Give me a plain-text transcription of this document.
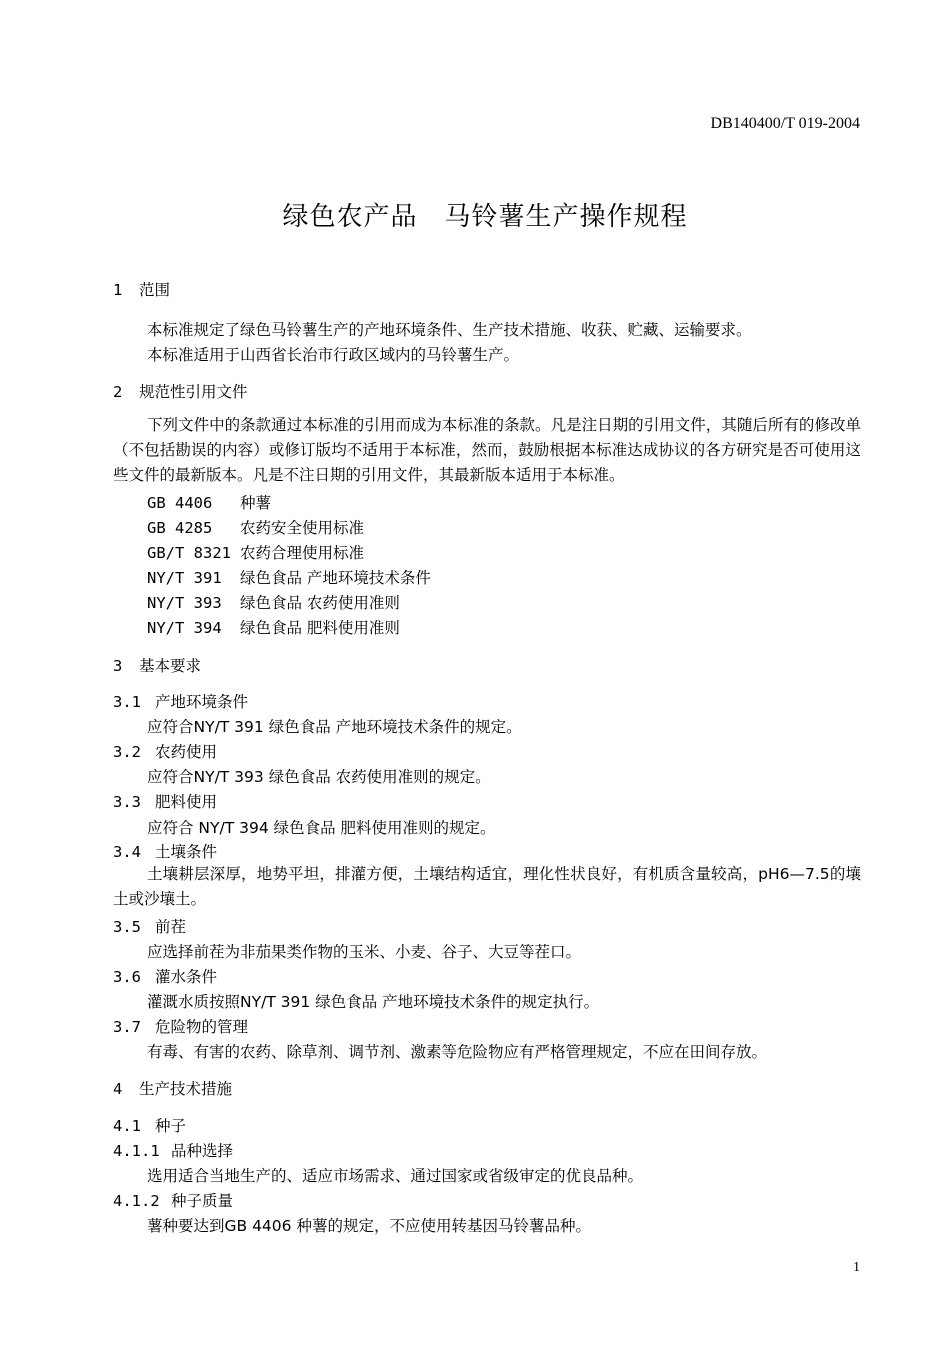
DB140400/T 019-2004
绿色农产品　马铃薯生产操作规程
1 范围
本标准规定了绿色马铃薯生产的产地环境条件、生产技术措施、收获、贮藏、运输要求。
本标准适用于山西省长治市行政区域内的马铃薯生产。
2 规范性引用文件
下列文件中的条款通过本标准的引用而成为本标准的条款。凡是注日期的引用文件，其随后所有的修改单（不包括勘误的内容）或修订版均不适用于本标准，然而，鼓励根据本标准达成协议的各方研究是否可使用这些文件的最新版本。凡是不注日期的引用文件，其最新版本适用于本标准。
GB 4406 种薯
GB 4285 农药安全使用标准
GB/T 8321 农药合理使用标准
NY/T 391 绿色食品 产地环境技术条件
NY/T 393 绿色食品 农药使用准则
NY/T 394 绿色食品 肥料使用准则
3 基本要求
3.1 产地环境条件
应符合NY/T 391 绿色食品 产地环境技术条件的规定。
3.2 农药使用
应符合NY/T 393 绿色食品 农药使用准则的规定。
3.3 肥料使用
应符合 NY/T 394 绿色食品 肥料使用准则的规定。
3.4 土壤条件
土壤耕层深厚，地势平坦，排灌方便，土壤结构适宜，理化性状良好，有机质含量较高，pH6—7.5的壤土或沙壤土。
3.5 前茬
应选择前茬为非茄果类作物的玉米、小麦、谷子、大豆等茬口。
3.6 灌水条件
灌溉水质按照NY/T 391 绿色食品 产地环境技术条件的规定执行。
3.7 危险物的管理
有毒、有害的农药、除草剂、调节剂、激素等危险物应有严格管理规定，不应在田间存放。
4 生产技术措施
4.1 种子
4.1.1 品种选择
选用适合当地生产的、适应市场需求、通过国家或省级审定的优良品种。
4.1.2 种子质量
薯种要达到GB 4406 种薯的规定，不应使用转基因马铃薯品种。
1
